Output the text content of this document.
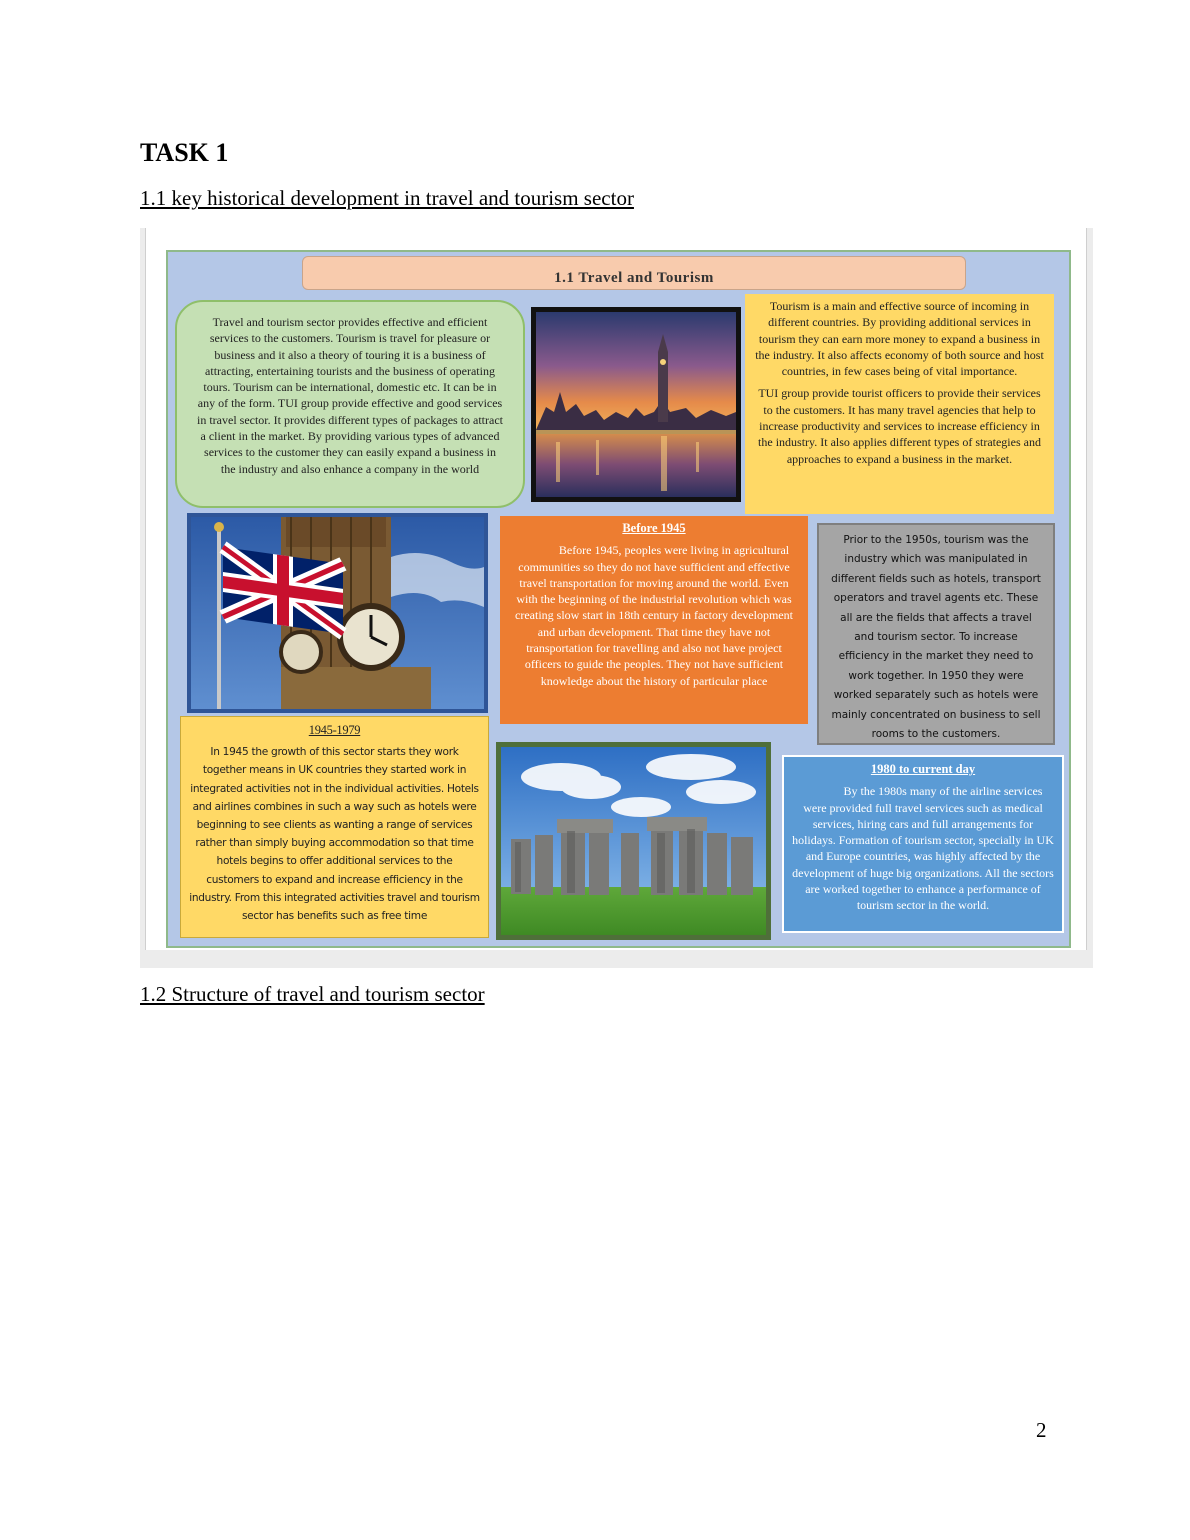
TASK 1
1.1 key historical development in travel and tourism sector
1.1 Travel and Tourism
Travel and tourism sector provides effective and efficient services to the customers. Tourism is travel for pleasure or business and it also a theory of touring it is a business of attracting, entertaining tourists and the business of operating tours. Tourism can be international, domestic etc. It can be in any of the form. TUI group provide effective and good services in travel sector. It provides different types of packages to attract a client in the market. By providing various types of advanced services to the customer they can easily expand a business in the industry and also enhance a company in the world

Tourism is a main and effective source of incoming in different countries. By providing additional services in tourism they can earn more money to expand a business in the industry. It also affects economy of both source and host countries, in few cases being of vital importance.

TUI group provide tourist officers to provide their services to the customers. It has many travel agencies that help to increase productivity and services to increase efficiency in the industry. It also applies different types of strategies and approaches to expand a business in the market.

Before 1945
Before 1945, peoples were living in agricultural communities so they do not have sufficient and effective travel transportation for moving around the world. Even with the beginning of the industrial revolution which was creating slow start in 18th century in factory development and urban development. That time they have not transportation for travelling and also not have project officers to guide the peoples. They not have sufficient knowledge about the history of particular place
Prior to the 1950s, tourism was the industry which was manipulated in different fields such as hotels, transport operators and travel agents etc. These all are the fields that affects a travel and tourism sector. To increase efficiency in the market they need to work together. In 1950 they were worked separately such as hotels were mainly concentrated on business to sell rooms to the customers.
1945-1979
In 1945 the growth of this sector starts they work together means in UK countries they started work in integrated activities not in the individual activities. Hotels and airlines combines in such a way such as hotels were beginning to see clients as wanting a range of services rather than simply buying accommodation so that time hotels begins to offer additional services to the customers to expand and increase efficiency in the industry. From this integrated activities travel and tourism sector has benefits such as free time
1980 to current day
By the 1980s many of the airline services were provided full travel services such as medical services, hiring cars and full arrangements for holidays. Formation of tourism sector, specially in UK and Europe countries, was highly affected by the development of huge big organizations. All the sectors are worked together to enhance a performance of tourism sector in the world.
1.2 Structure of travel and tourism sector
2
